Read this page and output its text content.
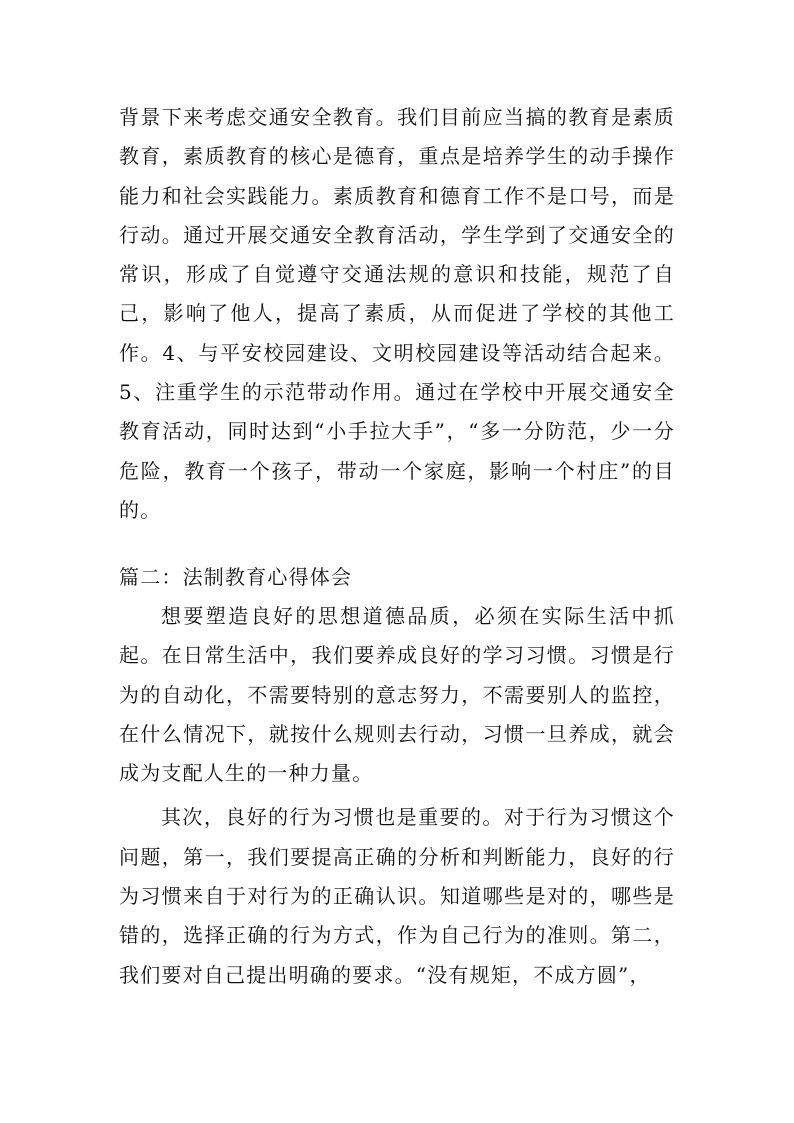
背景下来考虑交通安全教育。我们目前应当搞的教育是素质教育，素质教育的核心是德育，重点是培养学生的动手操作能力和社会实践能力。素质教育和德育工作不是口号，而是行动。通过开展交通安全教育活动，学生学到了交通安全的常识，形成了自觉遵守交通法规的意识和技能，规范了自己，影响了他人，提高了素质，从而促进了学校的其他工作。4、与平安校园建设、文明校园建设等活动结合起来。5、注重学生的示范带动作用。通过在学校中开展交通安全教育活动，同时达到“小手拉大手”，“多一分防范，少一分危险，教育一个孩子，带动一个家庭，影响一个村庄”的目的。
篇二：法制教育心得体会

想要塑造良好的思想道德品质，必须在实际生活中抓起。在日常生活中，我们要养成良好的学习习惯。习惯是行为的自动化，不需要特别的意志努力，不需要别人的监控，在什么情况下，就按什么规则去行动，习惯一旦养成，就会成为支配人生的一种力量。

其次，良好的行为习惯也是重要的。对于行为习惯这个问题，第一，我们要提高正确的分析和判断能力，良好的行为习惯来自于对行为的正确认识。知道哪些是对的，哪些是错的，选择正确的行为方式，作为自己行为的准则。第二，我们要对自己提出明确的要求。“没有规矩，不成方圆”，
